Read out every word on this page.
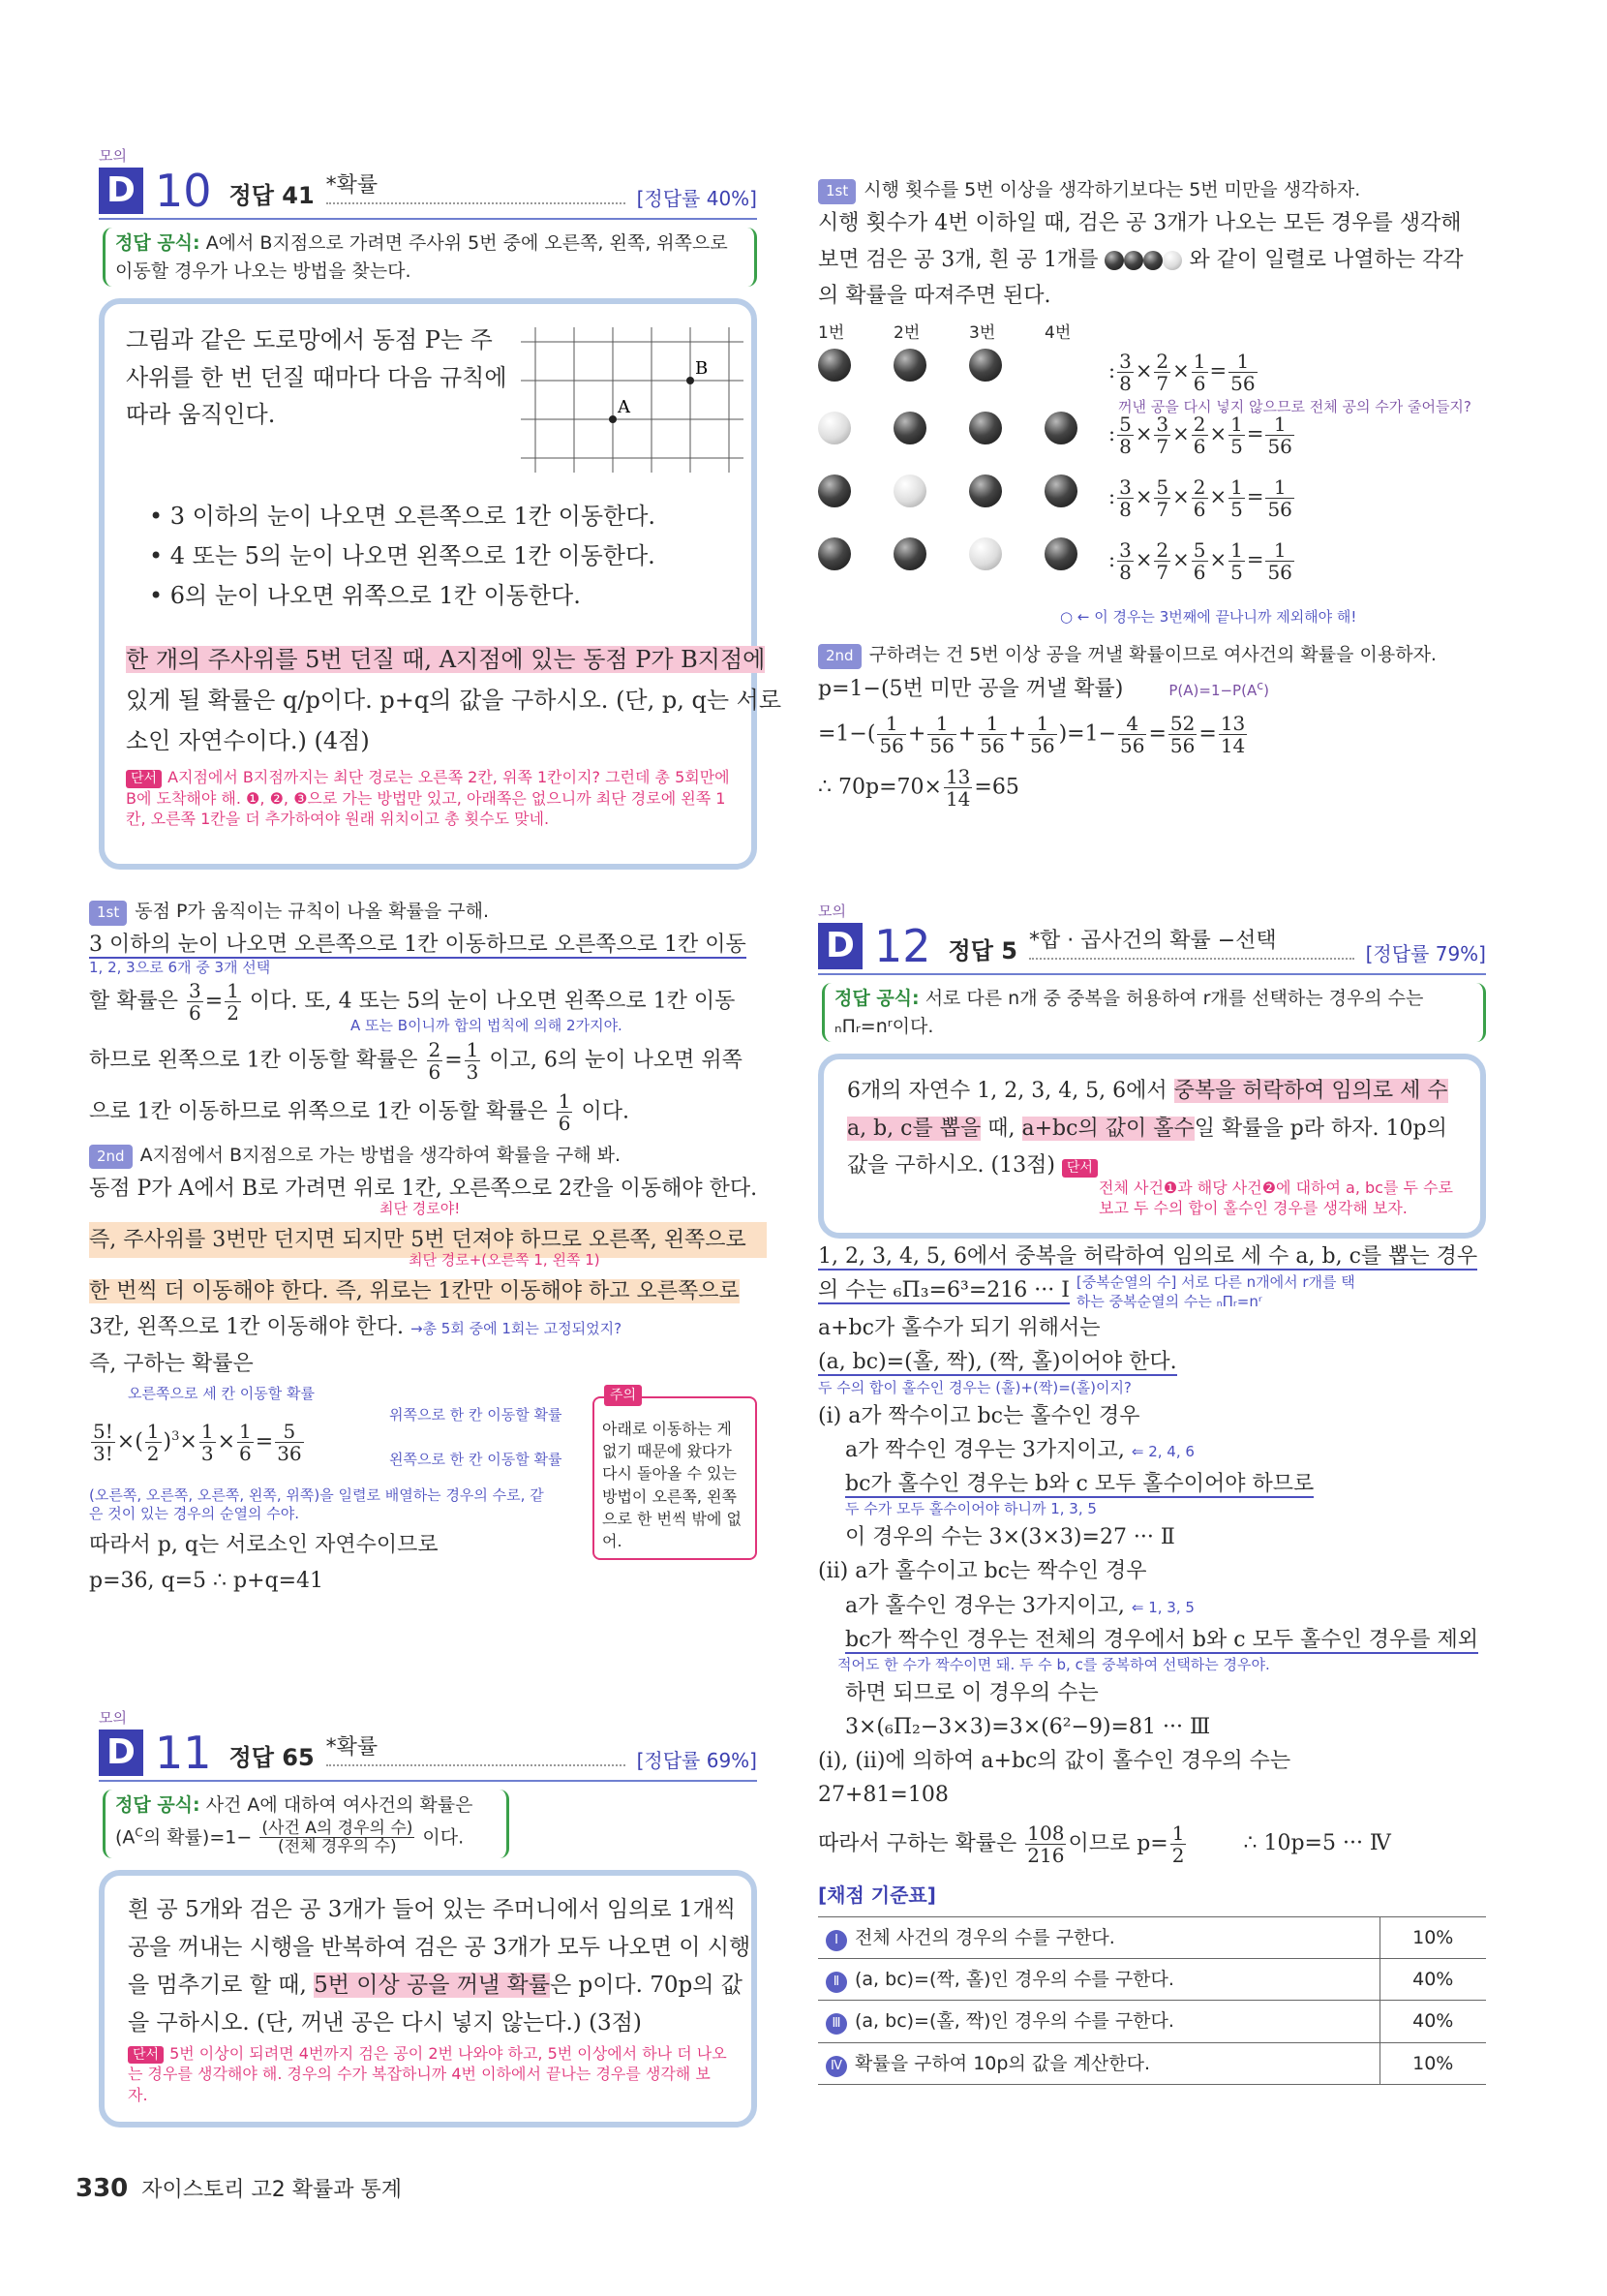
모의
D 10 정답 41 *확률
[정답률 40%]
정답 공식: A에서 B지점으로 가려면 주사위 5번 중에 오른쪽, 왼쪽, 위쪽으로 이동할 경우가 나오는 방법을 찾는다.

그림과 같은 도로망에서 동점 P는 주사위를 한 번 던질 때마다 다음 규칙에 따라 움직인다.	A
B

• 3 이하의 눈이 나오면 오른쪽으로 1칸 이동한다.

• 4 또는 5의 눈이 나오면 왼쪽으로 1칸 이동한다.

• 6의 눈이 나오면 위쪽으로 1칸 이동한다.

한 개의 주사위를 5번 던질 때, A지점에 있는 동점 P가 B지점에

있게 될 확률은 q/p이다. p+q의 값을 구하시오. (단, p, q는 서로

소인 자연수이다.) (4점)

단서 A지점에서 B지점까지는 최단 경로는 오른쪽 2칸, 위쪽 1칸이지? 그런데 총 5회만에 B에 도착해야 해. ❶, ❷, ❸으로 가는 방법만 있고, 아래쪽은 없으니까 최단 경로에 왼쪽 1칸, 오른쪽 1칸을 더 추가하여야 원래 위치이고 총 횟수도 맞네.

1st 동점 P가 움직이는 규칙이 나올 확률을 구해.

3 이하의 눈이 나오면 오른쪽으로 1칸 이동하므로 오른쪽으로 1칸 이동

1, 2, 3으로 6개 중 3개 선택

할 확률은 $\frac{3}{6} = \frac{1}{2}$ 이다. 또, 4 또는 5의 눈이 나오면 왼쪽으로 1칸 이동

A 또는 B이니까 합의 법칙에 의해 2가지야.

하므로 왼쪽으로 1칸 이동할 확률은 $\frac{2}{6} = \frac{1}{3}$ 이고, 6의 눈이 나오면 위쪽

으로 1칸 이동하므로 위쪽으로 1칸 이동할 확률은 $\frac{1}{6}$ 이다.

2nd A지점에서 B지점으로 가는 방법을 생각하여 확률을 구해 봐.

동점 P가 A에서 B로 가려면 위로 1칸, 오른쪽으로 2칸을 이동해야 한다.

최단 경로야!

즉, 주사위를 3번만 던지면 되지만 5번 던져야 하므로 오른쪽, 왼쪽으로

최단 경로+(오른쪽 1, 왼쪽 1)

한 번씩 더 이동해야 한다. 즉, 위로는 1칸만 이동해야 하고 오른쪽으로

3칸, 왼쪽으로 1칸 이동해야 한다. →총 5회 중에 1회는 고정되었지?

즉, 구하는 확률은

오른쪽으로 세 칸 이동할 확률

위쪽으로 한 칸 이동할 확률

왼쪽으로 한 칸 이동할 확률

$\frac{5!}{3!}$ ×( $\frac{1}{2} )^3\times \frac{1}{3} \times \frac{1}{6} = \frac{5}{36}$

(오른쪽, 오른쪽, 오른쪽, 왼쪽, 위쪽)을 일렬로 배열하는 경우의 수로, 같은 것이 있는 경우의 순열의 수야.

따라서 p, q는 서로소인 자연수이므로

p=36, q=5 ∴ p+q=41

주의
아래로 이동하는 게 없기 때문에 왔다가 다시 돌아올 수 있는 방법이 오른쪽, 왼쪽으로 한 번씩 밖에 없어.
모의
D 11 정답 65 *확률
[정답률 69%]
정답 공식: 사건 A에 대하여 여사건의 확률은
($A^C$의 확률)$=1- \frac{\text{(사건 A의 경우의 수)}}{\text{(전체 경우의 수)}}$ 이다.

흰 공 5개와 검은 공 3개가 들어 있는 주머니에서 임의로 1개씩

공을 꺼내는 시행을 반복하여 검은 공 3개가 모두 나오면 이 시행

을 멈추기로 할 때, 5번 이상 공을 꺼낼 확률은 p이다. 70p의 값

을 구하시오. (단, 꺼낸 공은 다시 넣지 않는다.) (3점)

단서 5번 이상이 되려면 4번까지 검은 공이 2번 나와야 하고, 5번 이상에서 하나 더 나오는 경우를 생각해야 해. 경우의 수가 복잡하니까 4번 이하에서 끝나는 경우를 생각해 보자.

1st 시행 횟수를 5번 이상을 생각하기보다는 5번 미만을 생각하자.

시행 횟수가 4번 이하일 때, 검은 공 3개가 나오는 모든 경우를 생각해

보면 검은 공 3개, 흰 공 1개를	와 같이 일렬로 나열하는 각각

의 확률을 따져주면 된다.

1번	2번	3번	4번
: $\frac{3}{8} \times \frac{2}{7} \times \frac{1}{6} = \frac{1}{56}$
: $\frac{5}{8} \times \frac{3}{7} \times \frac{2}{6} \times \frac{1}{5} = \frac{1}{56}$
: $\frac{3}{8} \times \frac{5}{7} \times \frac{2}{6} \times \frac{1}{5} = \frac{1}{56}$
: $\frac{3}{8} \times \frac{2}{7} \times \frac{5}{6} \times \frac{1}{5} = \frac{1}{56}$

꺼낸 공을 다시 넣지 않으므로 전체 공의 수가 줄어들지?

○ ← 이 경우는 3번째에 끝나니까 제외해야 해!

2nd 구하려는 건 5번 이상 공을 꺼낼 확률이므로 여사건의 확률을 이용하자.

p=1−(5번 미만 공을 꺼낼 확률)	$P(A)=1-P(A^c)$

$=1-( \frac{1}{56} + \frac{1}{56} + \frac{1}{56} + \frac{1}{56} )=1- \frac{4}{56} = \frac{52}{56} = \frac{13}{14}$

∴ $70p=70\times \frac{13}{14} =65$

모의
D 12 정답 5 *합 · 곱사건의 확률 −선택
[정답률 79%]
정답 공식: 서로 다른 n개 중 중복을 허용하여 r개를 선택하는 경우의 수는 ₙΠᵣ=nʳ이다.

6개의 자연수 1, 2, 3, 4, 5, 6에서 중복을 허락하여 임의로 세 수

a, b, c를 뽑을 때, a+bc의 값이 홀수일 확률을 p라 하자. 10p의

값을 구하시오. (13점) 단서

전체 사건❶과 해당 사건❷에 대하여 a, bc를 두 수로 보고 두 수의 합이 홀수인 경우를 생각해 보자.

1, 2, 3, 4, 5, 6에서 중복을 허락하여 임의로 세 수 a, b, c를 뽑는 경우

의 수는 ₆Π₃=6³=216 ··· Ⅰ [중복순열의 수] 서로 다른 n개에서 r개를 택하는 중복순열의 수는 ₙΠᵣ=nʳ

a+bc가 홀수가 되기 위해서는

(a, bc)=(홀, 짝), (짝, 홀)이어야 한다.

두 수의 합이 홀수인 경우는 (홀)+(짝)=(홀)이지?

(ⅰ) a가 짝수이고 bc는 홀수인 경우

a가 짝수인 경우는 3가지이고, ⇐ 2, 4, 6

bc가 홀수인 경우는 b와 c 모두 홀수이어야 하므로

두 수가 모두 홀수이어야 하니까 1, 3, 5

이 경우의 수는 3×(3×3)=27 ··· Ⅱ

(ⅱ) a가 홀수이고 bc는 짝수인 경우

a가 홀수인 경우는 3가지이고, ⇐ 1, 3, 5

bc가 짝수인 경우는 전체의 경우에서 b와 c 모두 홀수인 경우를 제외

적어도 한 수가 짝수이면 돼. 두 수 b, c를 중복하여 선택하는 경우야.

하면 되므로 이 경우의 수는

3×(₆Π₂−3×3)=3×(6²−9)=81 ··· Ⅲ

(ⅰ), (ⅱ)에 의하여 a+bc의 값이 홀수인 경우의 수는

27+81=108

따라서 구하는 확률은 $\frac{108}{216}$ 이므로 $p= \frac{1}{2}$	∴ 10p=5 ··· Ⅳ

[채점 기준표]

Ⅰ 전체 사건의 경우의 수를 구한다.	10%
Ⅱ (a, bc)=(짝, 홀)인 경우의 수를 구한다.	40%
Ⅲ (a, bc)=(홀, 짝)인 경우의 수를 구한다.	40%
Ⅳ 확률을 구하여 10p의 값을 계산한다.	10%
330 자이스토리 고2 확률과 통계
